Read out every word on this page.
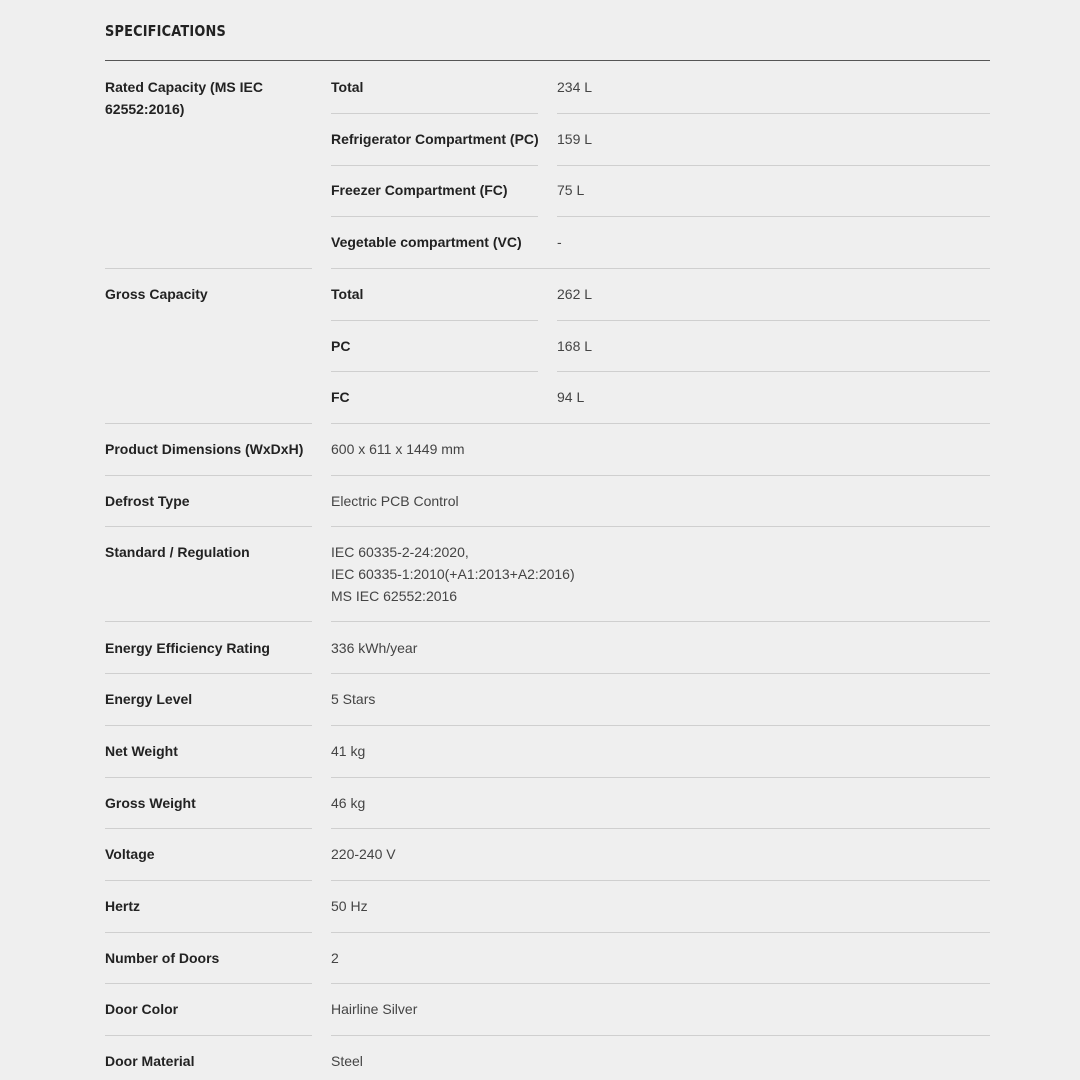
SPECIFICATIONS
Rated Capacity (MS IEC
62552:2016)
Total	234 L
Refrigerator Compartment (PC) 159 L
Freezer Compartment (FC)	75 L
Vegetable compartment (VC)	-
Gross Capacity	Total	262 L
PC	168 L
FC	94 L
Product Dimensions (WxDxH) 600 x 611 x 1449 mm
Defrost Type	Electric PCB Control
Standard / Regulation	IEC 60335-2-24:2020,
IEC 60335-1:2010(+A1:2013+A2:2016)
MS IEC 62552:2016
Energy Efficiency Rating	336 kWh/year
Energy Level	5 Stars
Net Weight	41 kg
Gross Weight	46 kg
Voltage	220-240 V
Hertz	50 Hz
Number of Doors	2
Door Color	Hairline Silver
Door Material	Steel
